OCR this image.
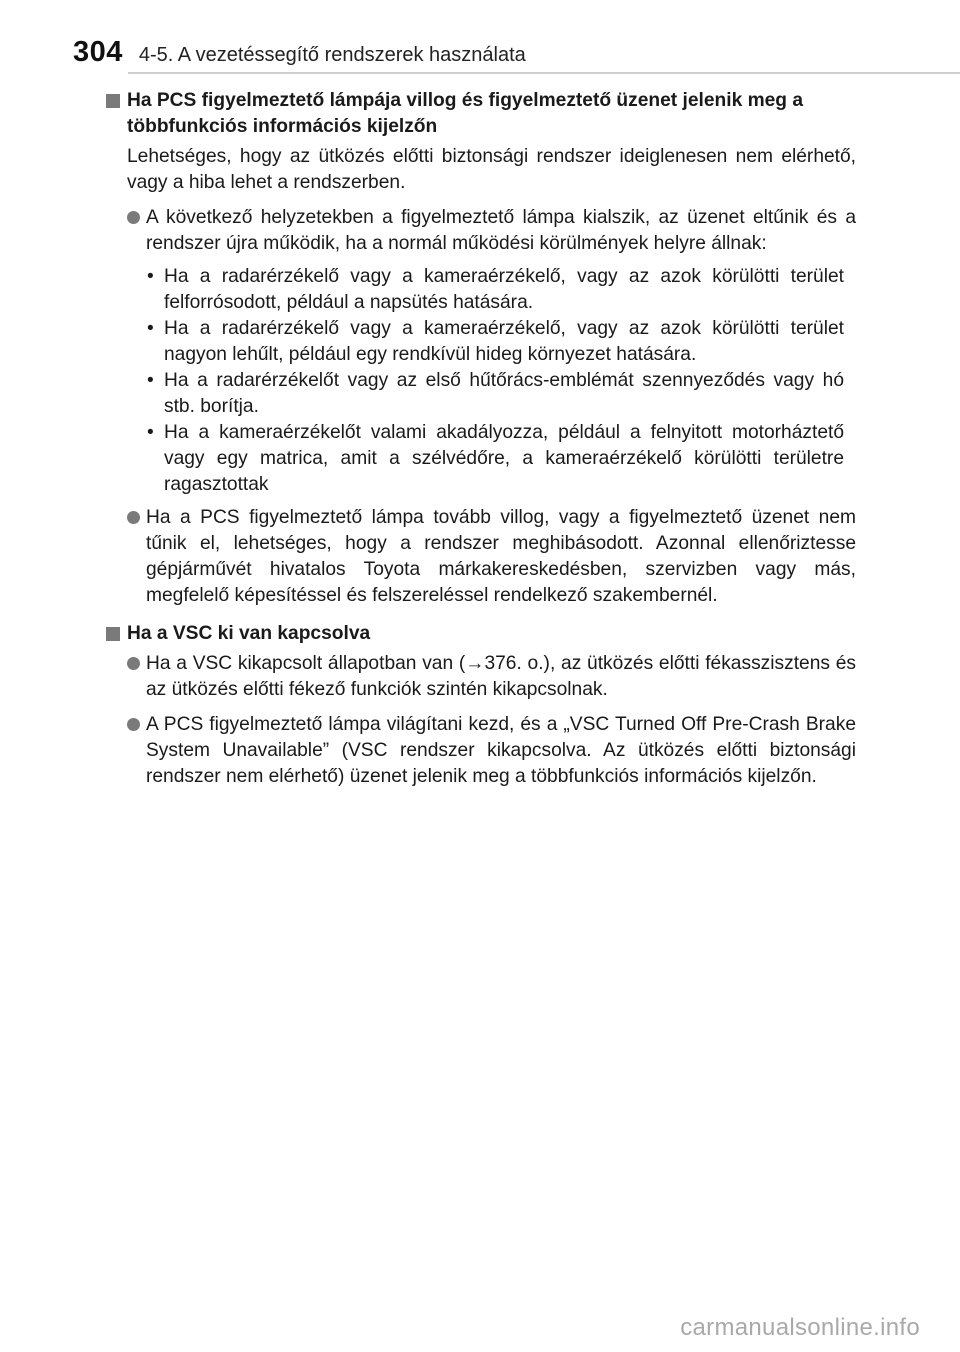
304 4-5. A vezetéssegítő rendszerek használata
Ha PCS figyelmeztető lámpája villog és figyelmeztető üzenet jelenik meg a többfunkciós információs kijelzőn
Lehetséges, hogy az ütközés előtti biztonsági rendszer ideiglenesen nem elérhető, vagy a hiba lehet a rendszerben.
A következő helyzetekben a figyelmeztető lámpa kialszik, az üzenet eltűnik és a rendszer újra működik, ha a normál működési körülmények helyre állnak:
• Ha a radarérzékelő vagy a kameraérzékelő, vagy az azok körülötti terület felforrósodott, például a napsütés hatására.
• Ha a radarérzékelő vagy a kameraérzékelő, vagy az azok körülötti terület nagyon lehűlt, például egy rendkívül hideg környezet hatására.
• Ha a radarérzékelőt vagy az első hűtőrács-emblémát szennyeződés vagy hó stb. borítja.
• Ha a kameraérzékelőt valami akadályozza, például a felnyitott motorháztető vagy egy matrica, amit a szélvédőre, a kameraérzékelő körülötti területre ragasztottak
Ha a PCS figyelmeztető lámpa tovább villog, vagy a figyelmeztető üzenet nem tűnik el, lehetséges, hogy a rendszer meghibásodott. Azonnal ellenőriztesse gépjárművét hivatalos Toyota márkakereskedésben, szervizben vagy más, megfelelő képesítéssel és felszereléssel rendelkező szakembernél.
Ha a VSC ki van kapcsolva
Ha a VSC kikapcsolt állapotban van (→376. o.), az ütközés előtti fékasszisztens és az ütközés előtti fékező funkciók szintén kikapcsolnak.
A PCS figyelmeztető lámpa világítani kezd, és a „VSC Turned Off Pre-Crash Brake System Unavailable” (VSC rendszer kikapcsolva. Az ütközés előtti biztonsági rendszer nem elérhető) üzenet jelenik meg a többfunkciós információs kijelzőn.
carmanualsonline.info
